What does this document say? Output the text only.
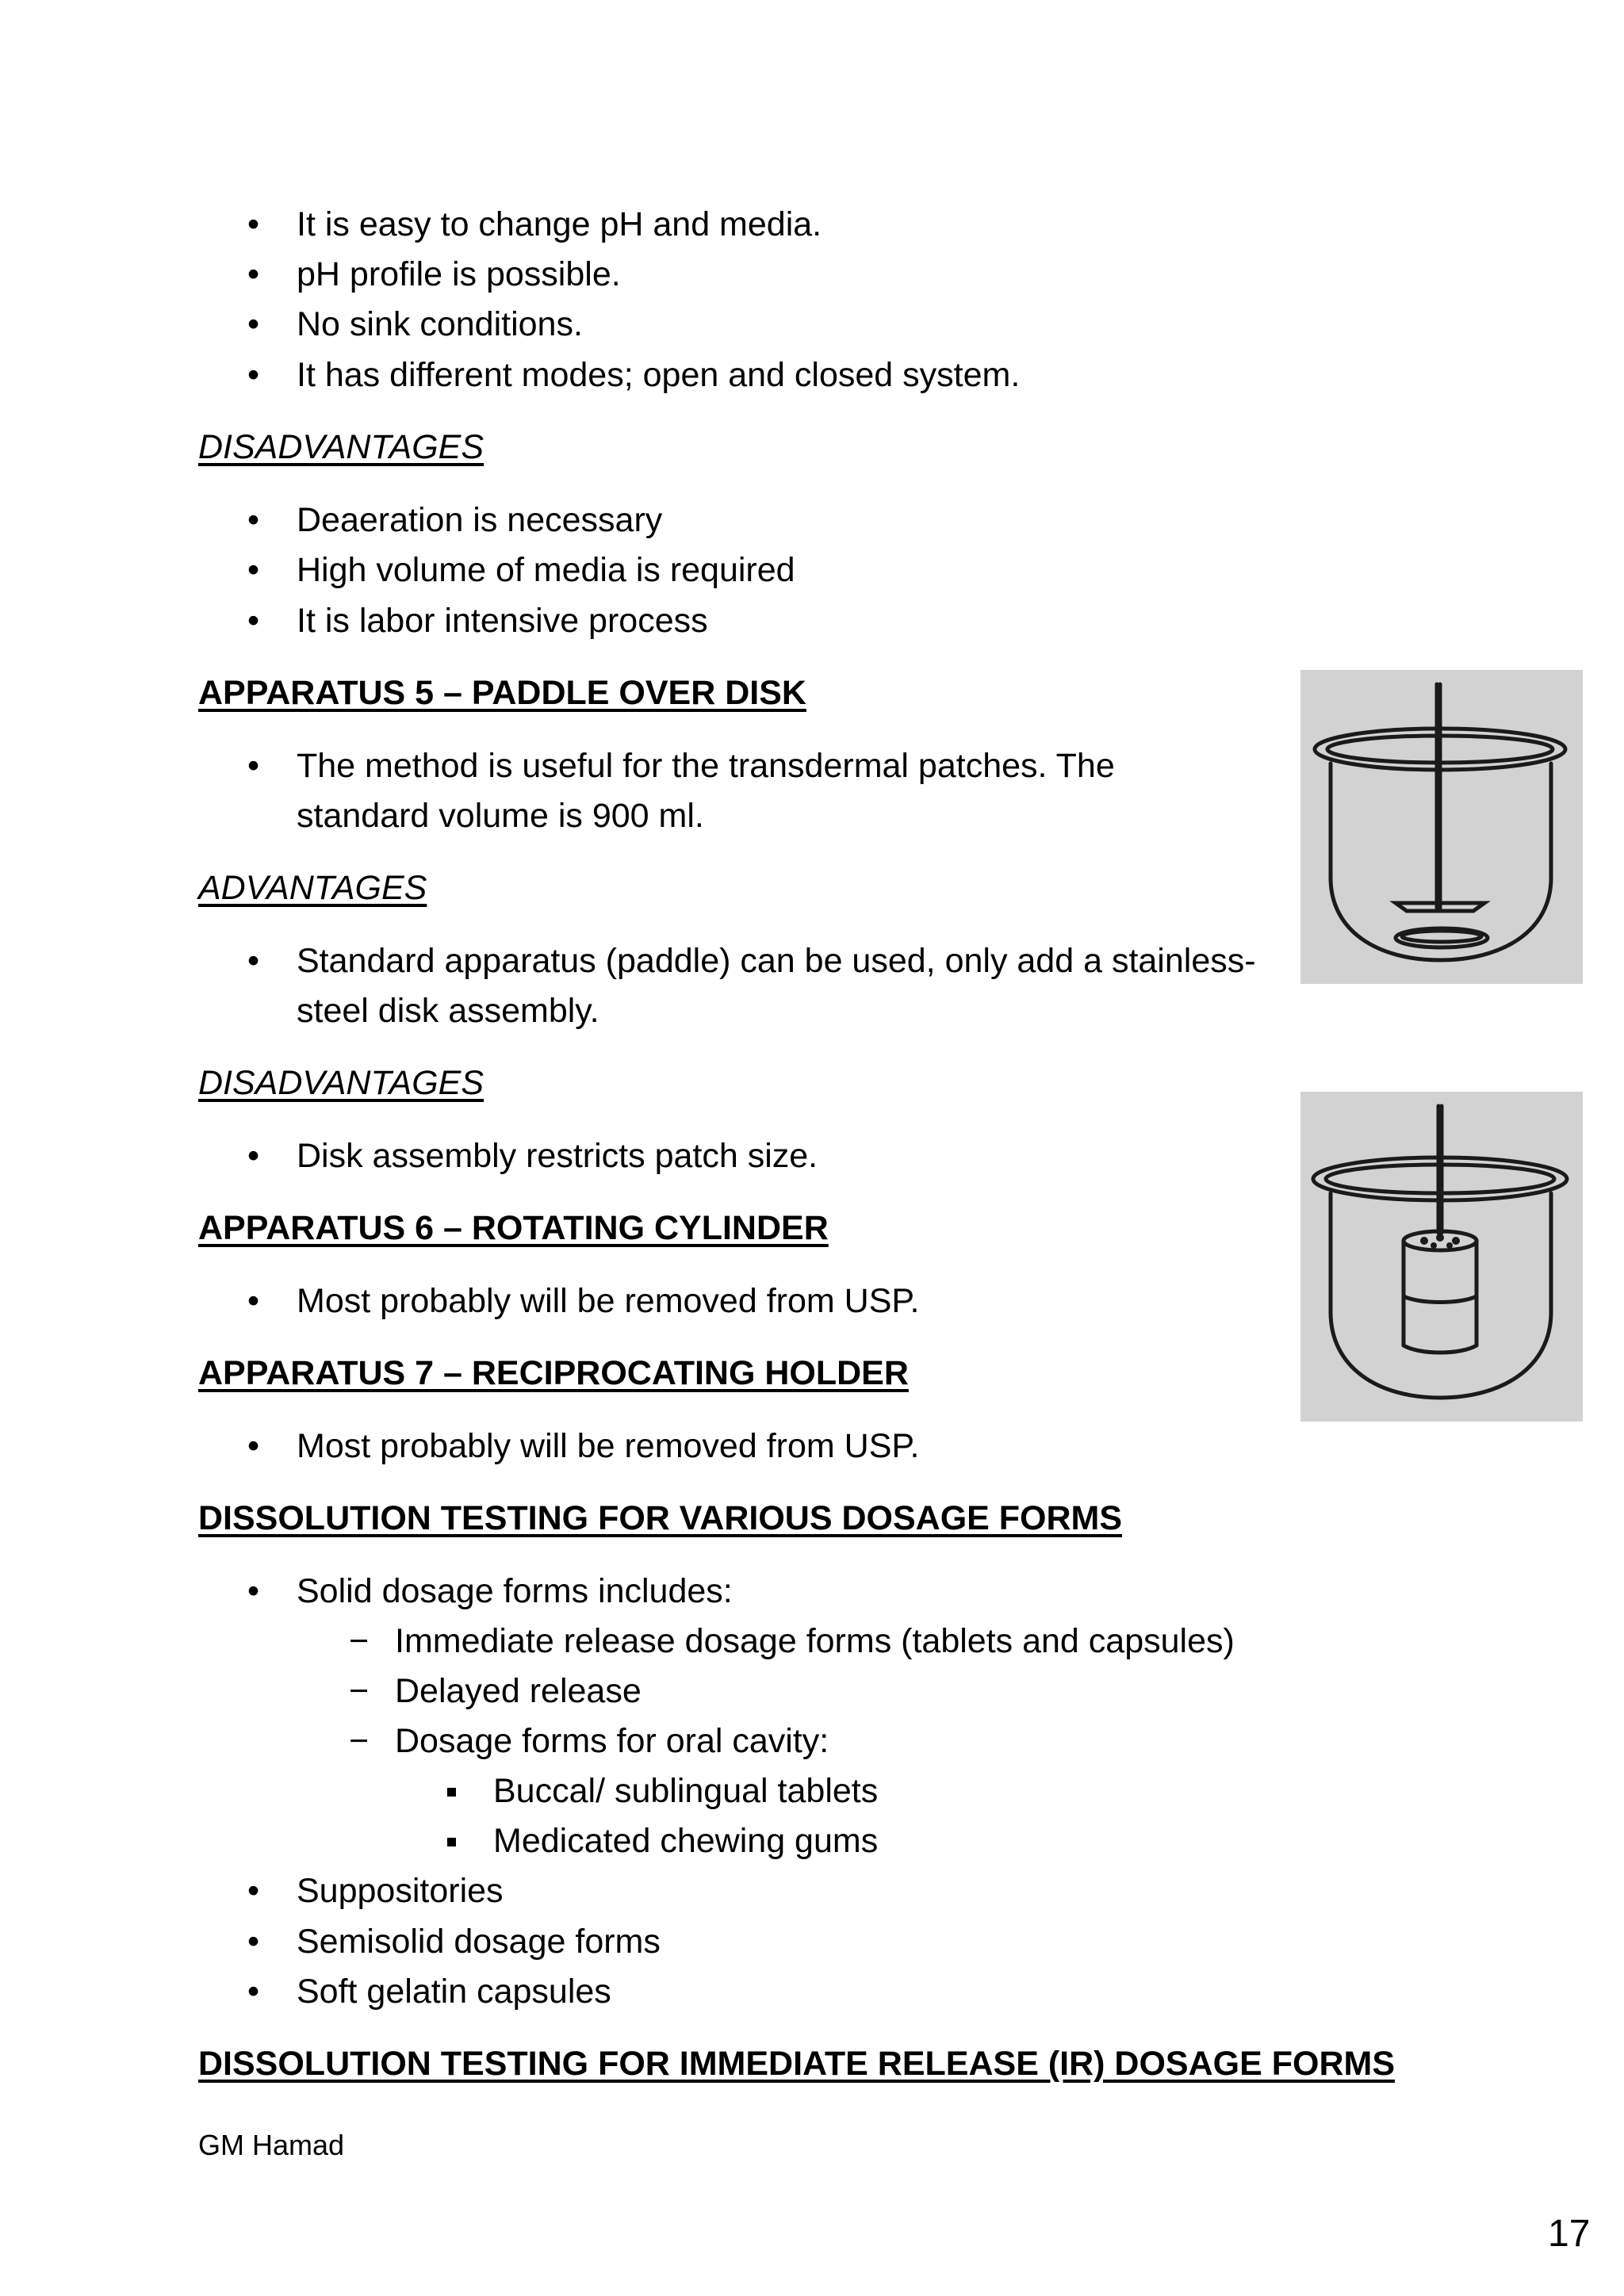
• It is easy to change pH and media.
• pH profile is possible.
• No sink conditions.
• It has different modes; open and closed system.
DISADVANTAGES
• Deaeration is necessary
• High volume of media is required
• It is labor intensive process
APPARATUS 5 – PADDLE OVER DISK
• The method is useful for the transdermal patches. The
standard volume is 900 ml.
ADVANTAGES
• Standard apparatus (paddle) can be used, only add a stainless-
steel disk assembly.
DISADVANTAGES
• Disk assembly restricts patch size.
APPARATUS 6 – ROTATING CYLINDER
• Most probably will be removed from USP.
APPARATUS 7 – RECIPROCATING HOLDER
• Most probably will be removed from USP.
DISSOLUTION TESTING FOR VARIOUS DOSAGE FORMS
• Solid dosage forms includes:
− Immediate release dosage forms (tablets and capsules)
− Delayed release
− Dosage forms for oral cavity:
Buccal/ sublingual tablets
Medicated chewing gums
• Suppositories
• Semisolid dosage forms
• Soft gelatin capsules
DISSOLUTION TESTING FOR IMMEDIATE RELEASE (IR) DOSAGE FORMS
GM Hamad
17
